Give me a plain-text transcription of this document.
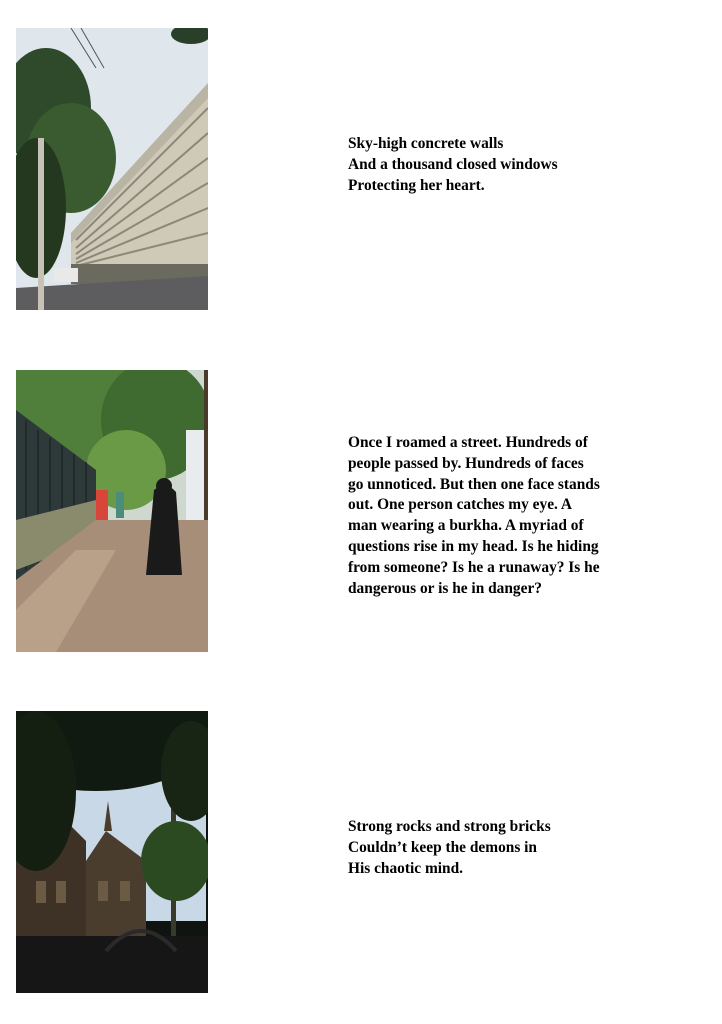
Sky-high concrete walls
And a thousand closed windows
Protecting her heart.

Once I roamed a street. Hundreds of
people passed by. Hundreds of faces
go unnoticed. But then one face stands
out. One person catches my eye. A
man wearing a burkha. A myriad of
questions rise in my head. Is he hiding
from someone? Is he a runaway? Is he
dangerous or is he in danger?

Strong rocks and strong bricks
Couldn’t keep the demons in
His chaotic mind.
